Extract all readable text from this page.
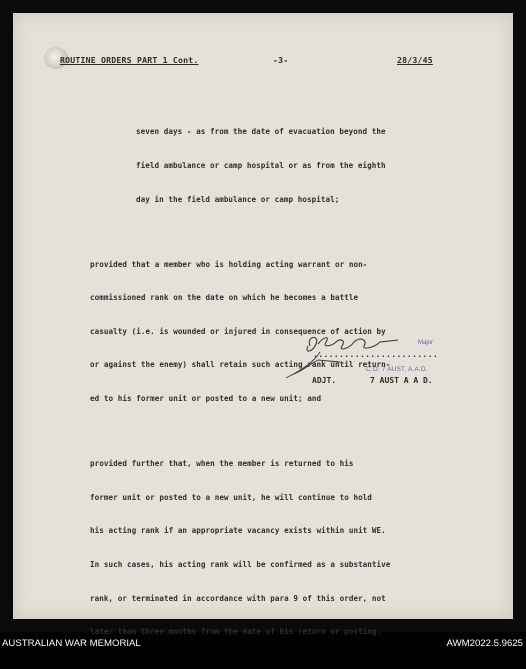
ROUTINE ORDERS PART 1 Cont.	-3-	28/3/45

seven days - as from the date of evacuation beyond the

field ambulance or camp hospital or as from the eighth

day in the field ambulance or camp hospital;

provided that a member who is holding acting warrant or non-

commissioned rank on the date on which he becomes a battle

casualty (i.e. is wounded or injured in consequence of action by

or against the enemy) shall retain such acting rank until return-

ed to his former unit or posted to a new unit; and

provided further that, when the member is returned to his

former unit or posted to a new unit, he will continue to hold

his acting rank if an appropriate vacancy exists within unit WE.

In such cases, his acting rank will be confirmed as a substantive

rank, or terminated in accordance with para 9 of this order, not

later than three months from the date of his return or posting.

........................
Major
C.O. 7 AUST. A.A.D.
ADJT.	7 AUST A A D.
AUSTRALIAN WAR MEMORIAL	AWM2022.5.9625
